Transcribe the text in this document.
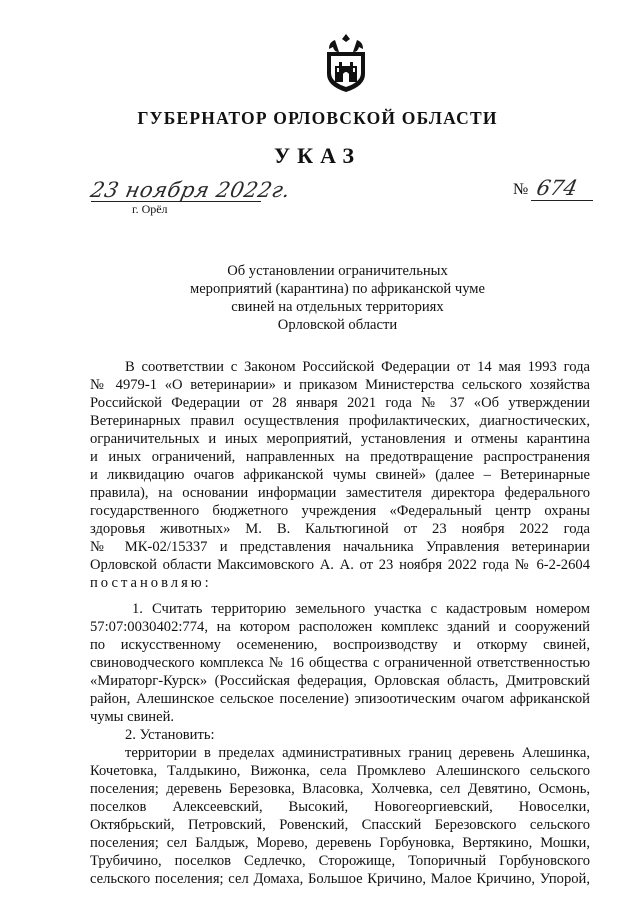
ГУБЕРНАТОР ОРЛОВСКОЙ ОБЛАСТИ
УКАЗ
23 ноября 2022г.
г. Орёл
№ 674
Об установлении ограничительных
мероприятий (карантина) по африканской чуме
свиней на отдельных территориях
Орловской области
В соответствии с Законом Российской Федерации от 14 мая 1993 года
№ 4979-1 «О ветеринарии» и приказом Министерства сельского хозяйства
Российской Федерации от 28 января 2021 года № 37 «Об утверждении
Ветеринарных правил осуществления профилактических, диагностических,
ограничительных и иных мероприятий, установления и отмены карантина
и иных ограничений, направленных на предотвращение распространения
и ликвидацию очагов африканской чумы свиней» (далее – Ветеринарные
правила), на основании информации заместителя директора федерального
государственного бюджетного учреждения «Федеральный центр охраны
здоровья животных» М. В. Кальтюгиной от 23 ноября 2022 года
№ МК-02/15337 и представления начальника Управления ветеринарии
Орловской области Максимовского А. А. от 23 ноября 2022 года № 6-2-2604
постановляю:
1. Считать территорию земельного участка с кадастровым номером
57:07:0030402:774, на котором расположен комплекс зданий и сооружений
по искусственному осеменению, воспроизводству и откорму свиней,
свиноводческого комплекса № 16 общества с ограниченной ответственностью
«Мираторг-Курск» (Российская федерация, Орловская область, Дмитровский
район, Алешинское сельское поселение) эпизоотическим очагом африканской
чумы свиней.
2. Установить:
территории в пределах административных границ деревень Алешинка,
Кочетовка, Талдыкино, Вижонка, села Промклево Алешинского сельского
поселения; деревень Березовка, Власовка, Холчевка, сел Девятино, Осмонь,
поселков Алексеевский, Высокий, Новогеоргиевский, Новоселки,
Октябрьский, Петровский, Ровенский, Спасский Березовского сельского
поселения; сел Балдыж, Морево, деревень Горбуновка, Вертякино, Мошки,
Трубичино, поселков Седлечко, Сторожище, Топоричный Горбуновского
сельского поселения; сел Домаха, Большое Кричино, Малое Кричино, Упорой,
